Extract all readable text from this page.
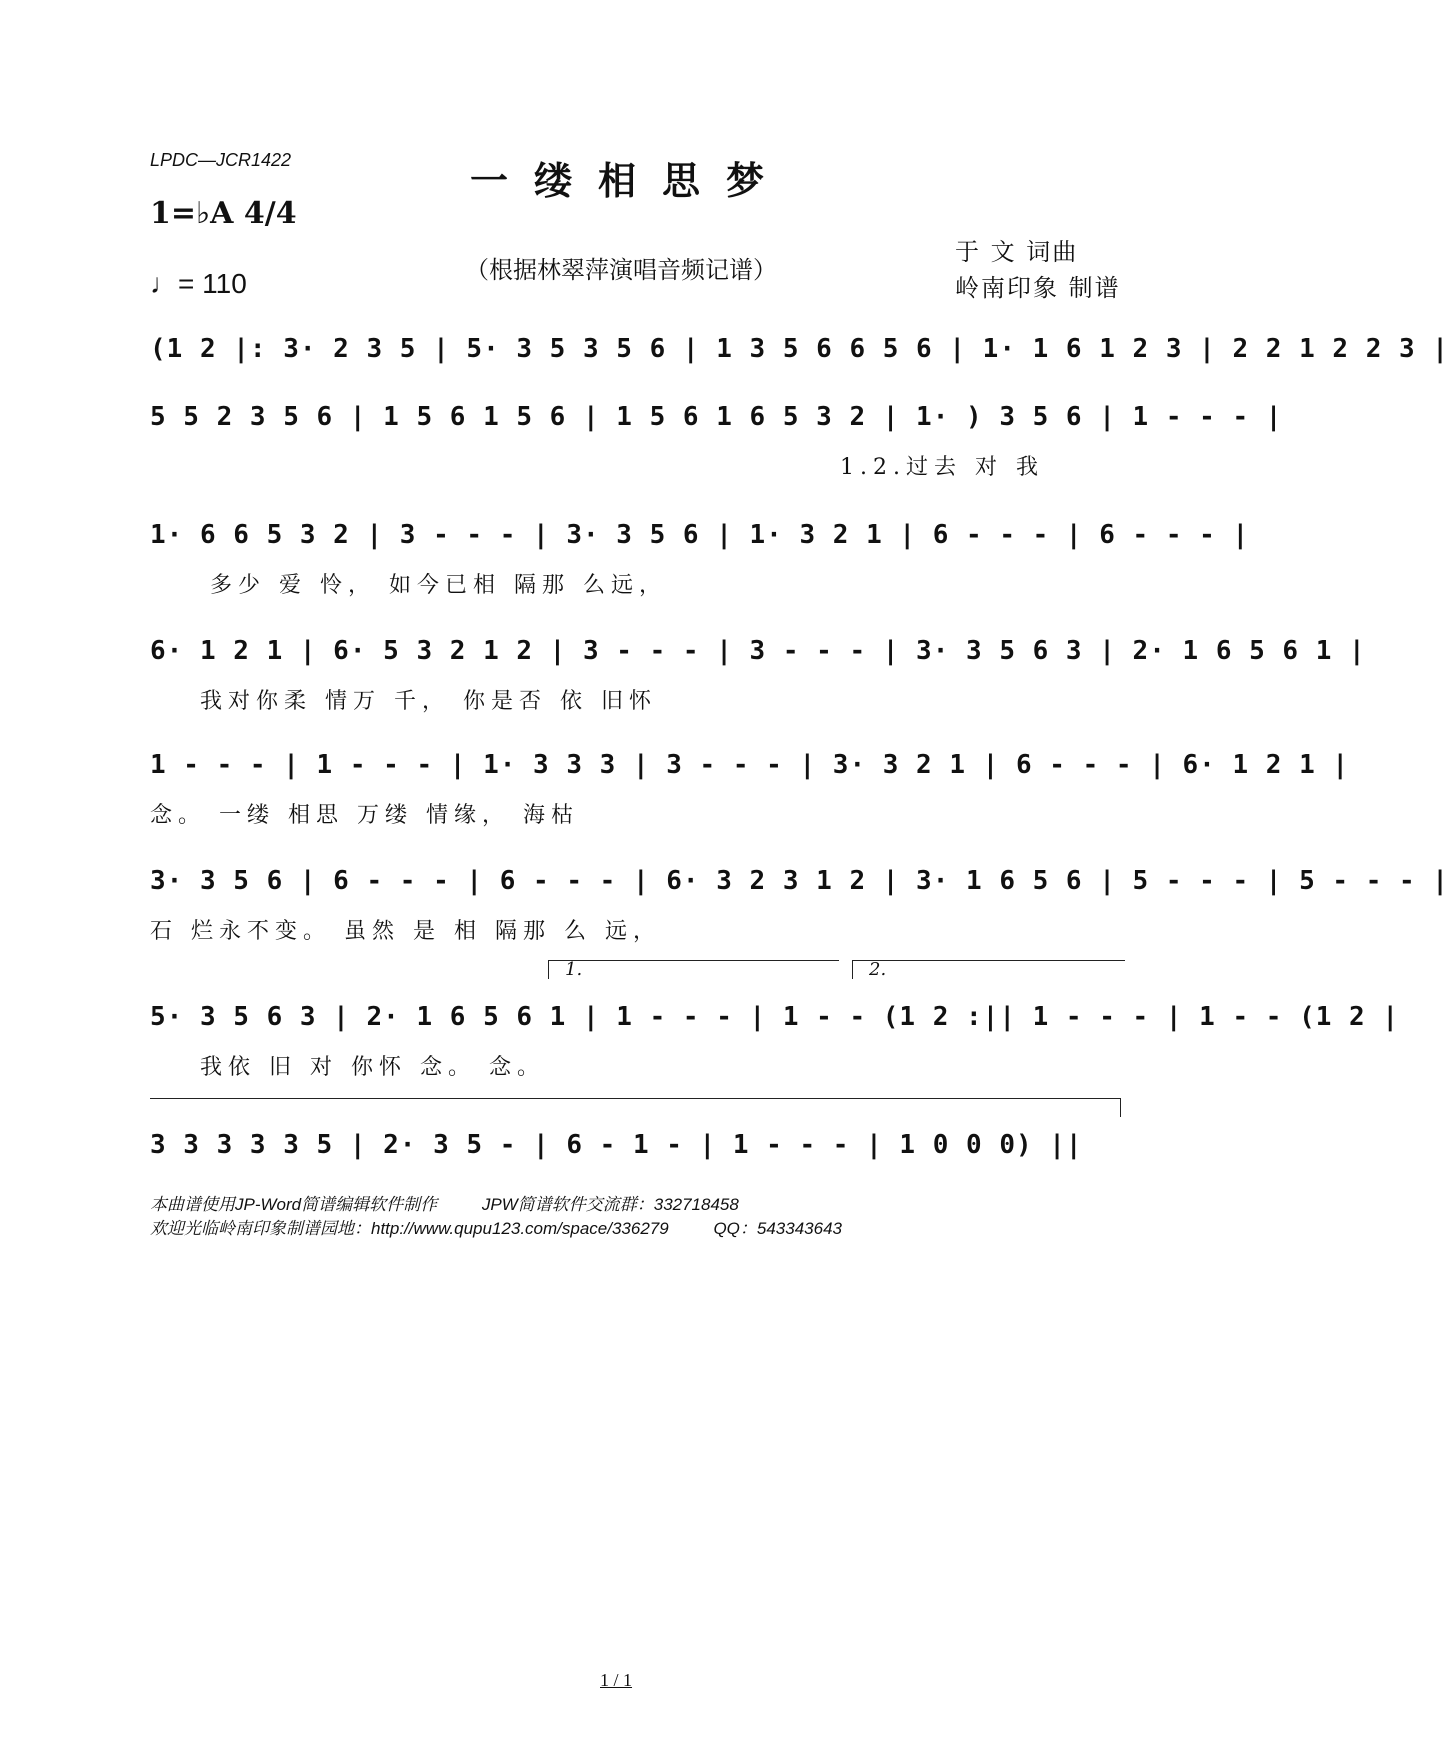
LPDC—JCR1422	一缕相思梦
1=♭A 4/4
♩= 110	（根据林翠萍演唱音频记谱）
于 文 词曲
岭南印象 制谱
(1 2 |: 3· 2 3 5 | 5· 3 5 3 5 6 | 1 3 5 6 6 5 6 | 1· 1 6 1 2 3 | 2 2 1 2 2 3 |
5 5 2 3 5 6 | 1 5 6 1 5 6 | 1 5 6 1 6 5 3 2 | 1· ) 3 5 6 | 1 - - - |
1.2.过去 对 我
1· 6 6 5 3 2 | 3 - - - | 3· 3 5 6 | 1· 3 2 1 | 6 - - - | 6 - - - |
多少 爱 怜， 如今已相 隔那 么远，
6· 1 2 1 | 6· 5 3 2 1 2 | 3 - - - | 3 - - - | 3· 3 5 6 3 | 2· 1 6 5 6 1 |
我对你柔 情万 千， 你是否 依 旧怀
1 - - - | 1 - - - | 1· 3 3 3 | 3 - - - | 3· 3 2 1 | 6 - - - | 6· 1 2 1 |
念。 一缕 相思 万缕 情缘， 海枯
3· 3 5 6 | 6 - - - | 6 - - - | 6· 3 2 3 1 2 | 3· 1 6 5 6 | 5 - - - | 5 - - - |
石 烂永不变。 虽然 是 相 隔那 么 远，
1.	2.
5· 3 5 6 3 | 2· 1 6 5 6 1 | 1 - - - | 1 - - (1 2 :|| 1 - - - | 1 - - (1 2 |
我依 旧 对 你怀 念。 念。
3 3 3 3 3 5 | 2· 3 5 - | 6 - 1 - | 1 - - - | 1 0 0 0) ||
本曲谱使用JP-Word简谱编辑软件制作	JPW简谱软件交流群：332718458
欢迎光临岭南印象制谱园地：http://www.qupu123.com/space/336279	QQ：543343643
1 / 1
